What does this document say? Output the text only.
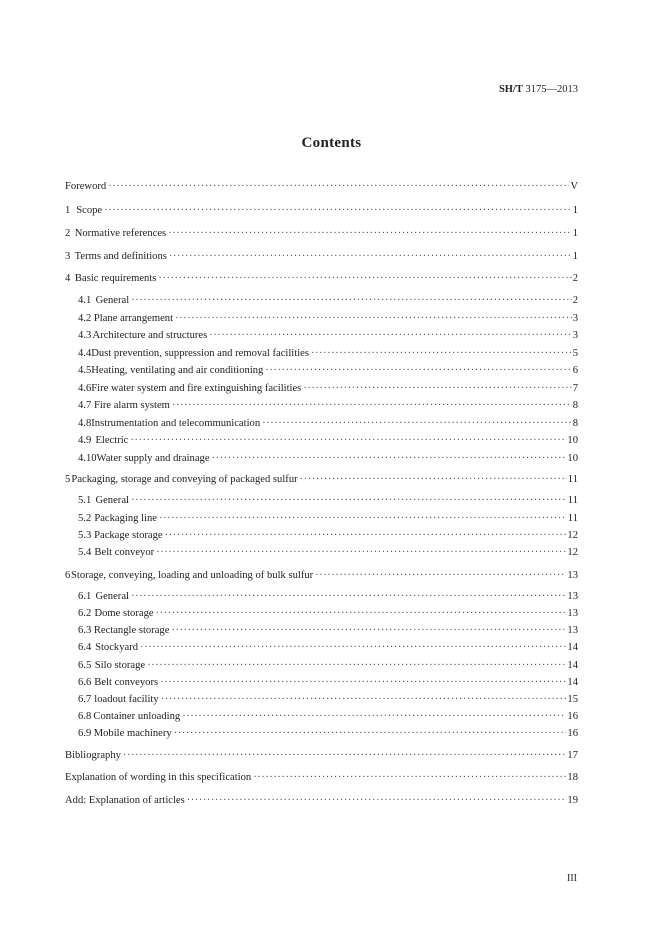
SH/T 3175—2013
Contents
Foreword ·····	V
1 Scope ·····	1
2 Normative references ·····	1
3 Terms and definitions ·····	1
4 Basic requirements ·····	2
4.1 General ·····	2
4.2 Plane arrangement ·····	3
4.3 Architecture and structures ·····	3
4.4 Dust prevention, suppression and removal facilities ·····	5
4.5 Heating, ventilating and air conditioning ·····	6
4.6 Fire water system and fire extinguishing facilities ·····	7
4.7 Fire alarm system ·····	8
4.8 Instrumentation and telecommunication ·····	8
4.9 Electric ·····	10
4.10 Water supply and drainage ·····	10
5 Packaging, storage and conveying of packaged sulfur ·····	11
5.1 General ·····	11
5.2 Packaging line ·····	11
5.3 Package storage ·····	12
5.4 Belt conveyor ·····	12
6 Storage, conveying, loading and unloading of bulk sulfur ·····	13
6.1 General ·····	13
6.2 Dome storage ·····	13
6.3 Rectangle storage ·····	13
6.4 Stockyard ·····	14
6.5 Silo storage ·····	14
6.6 Belt conveyors ·····	14
6.7 loadout facility ·····	15
6.8 Container unloading ·····	16
6.9 Mobile machinery ·····	16
Bibliography ·····	17
Explanation of wording in this specification ·····	18
Add: Explanation of articles ·····	19
III
